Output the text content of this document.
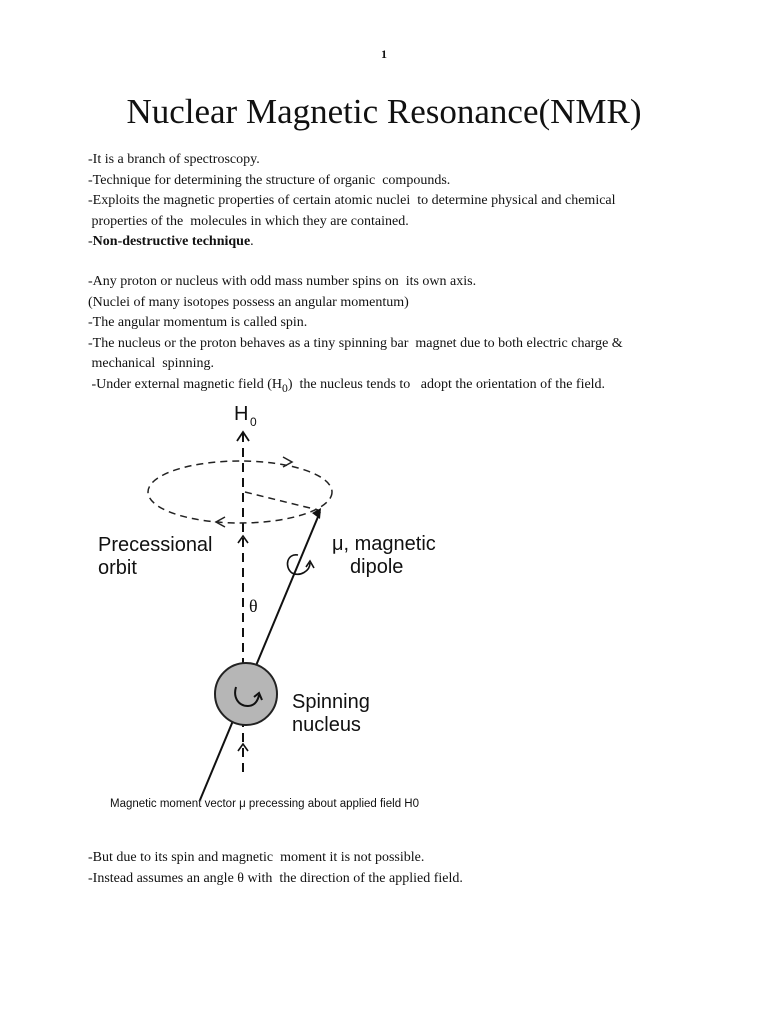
1
Nuclear Magnetic Resonance(NMR)
-It is a branch of spectroscopy.
-Technique for determining the structure of organic  compounds.
-Exploits the magnetic properties of certain atomic nuclei  to determine physical and chemical
properties of the  molecules in which they are contained.
-Non-destructive technique.
-Any proton or nucleus with odd mass number spins on  its own axis.
(Nuclei of many isotopes possess an angular momentum)
-The angular momentum is called spin.
-The nucleus or the proton behaves as a tiny spinning bar  magnet due to both electric charge &
mechanical  spinning.
-Under external magnetic field $(H_0)$  the nucleus tends to   adopt the orientation of the field.
H 0
Precessional
orbit
μ, magnetic
dipole
θ
Spinning
nucleus
Magnetic moment vector μ precessing about applied field H0
-But due to its spin and magnetic  moment it is not possible.
-Instead assumes an angle θ with  the direction of the applied field.
